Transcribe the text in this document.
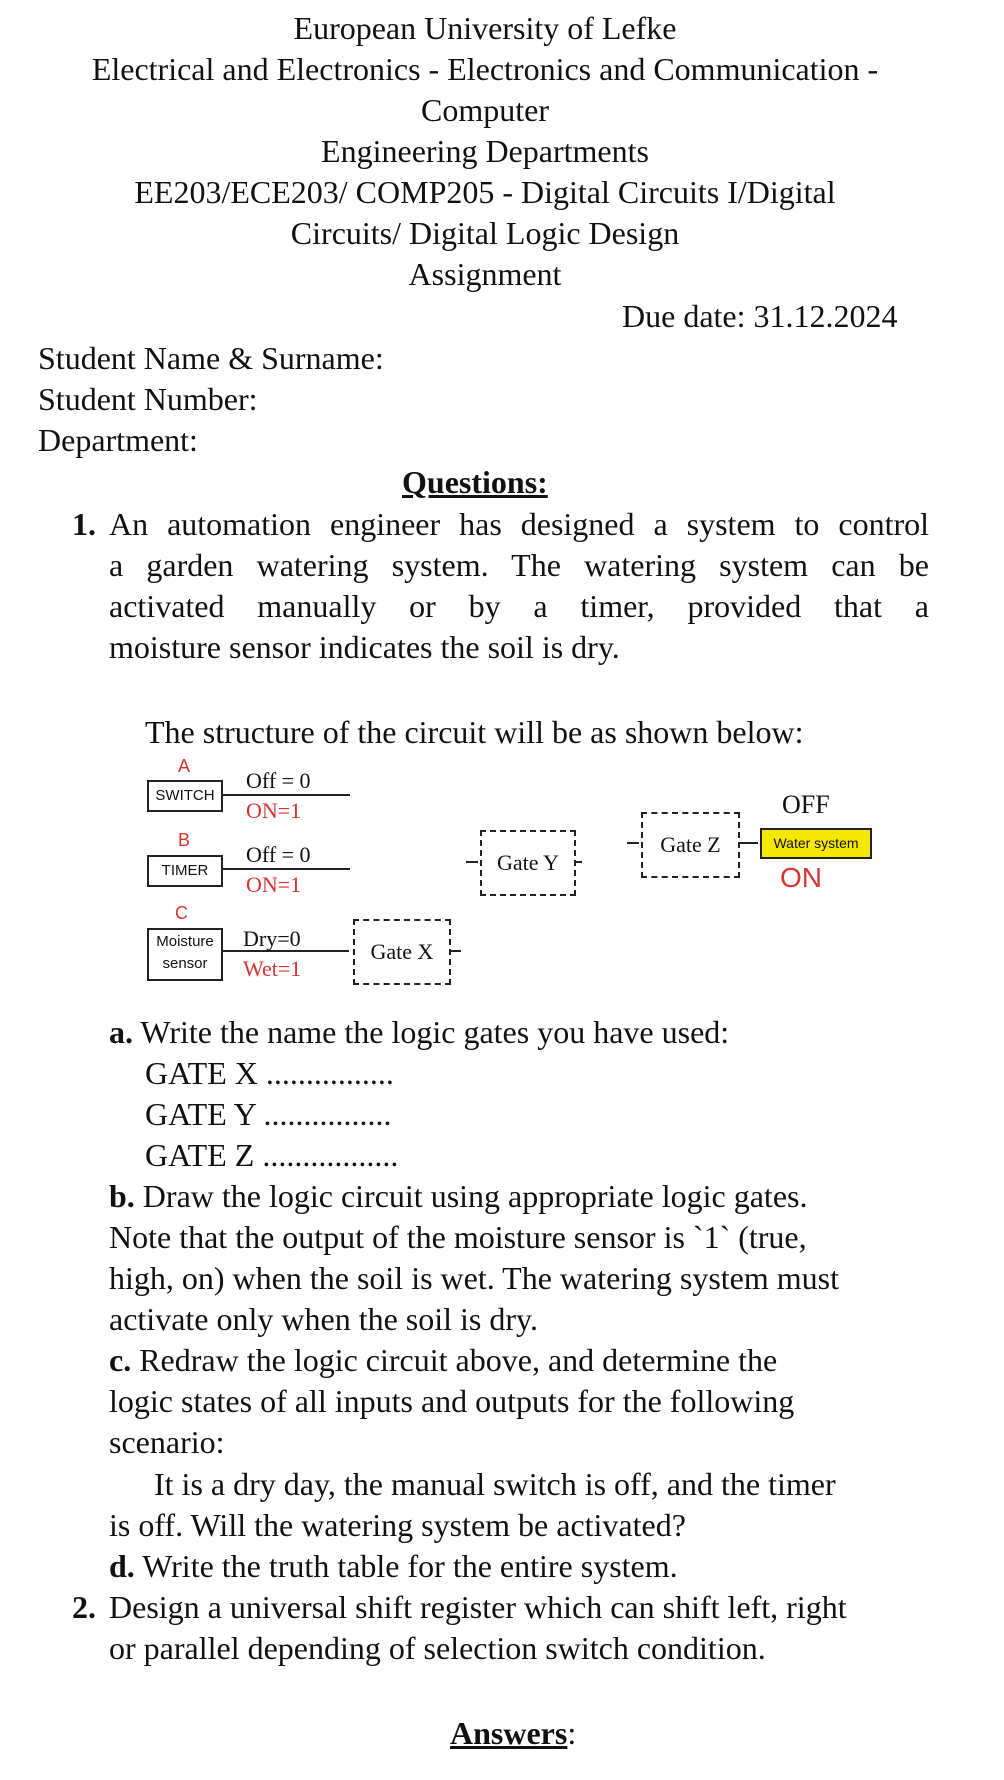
European University of Lefke
Electrical and Electronics - Electronics and Communication -
Computer
Engineering Departments
EE203/ECE203/ COMP205 - Digital Circuits I/Digital
Circuits/ Digital Logic Design
Assignment
Due date: 31.12.2024
Student Name & Surname:
Student Number:
Department:
Questions:
1. An automation engineer has designed a system to control
a garden watering system. The watering system can be
activated manually or by a timer, provided that a
moisture sensor indicates the soil is dry.
The structure of the circuit will be as shown below:
A
SWITCH
Off = 0
ON=1
B
TIMER
Off = 0
ON=1
C
Moisture
sensor
Dry=0
Wet=1
Gate X
Gate Y
Gate Z
OFF
Water system
ON
a. Write the name the logic gates you have used:
GATE X ................
GATE Y ................
GATE Z .................
b. Draw the logic circuit using appropriate logic gates.
Note that the output of the moisture sensor is `1` (true,
high, on) when the soil is wet. The watering system must
activate only when the soil is dry.
c. Redraw the logic circuit above, and determine the
logic states of all inputs and outputs for the following
scenario:
It is a dry day, the manual switch is off, and the timer
is off. Will the watering system be activated?
d. Write the truth table for the entire system.
2. Design a universal shift register which can shift left, right
or parallel depending of selection switch condition.
Answers:
